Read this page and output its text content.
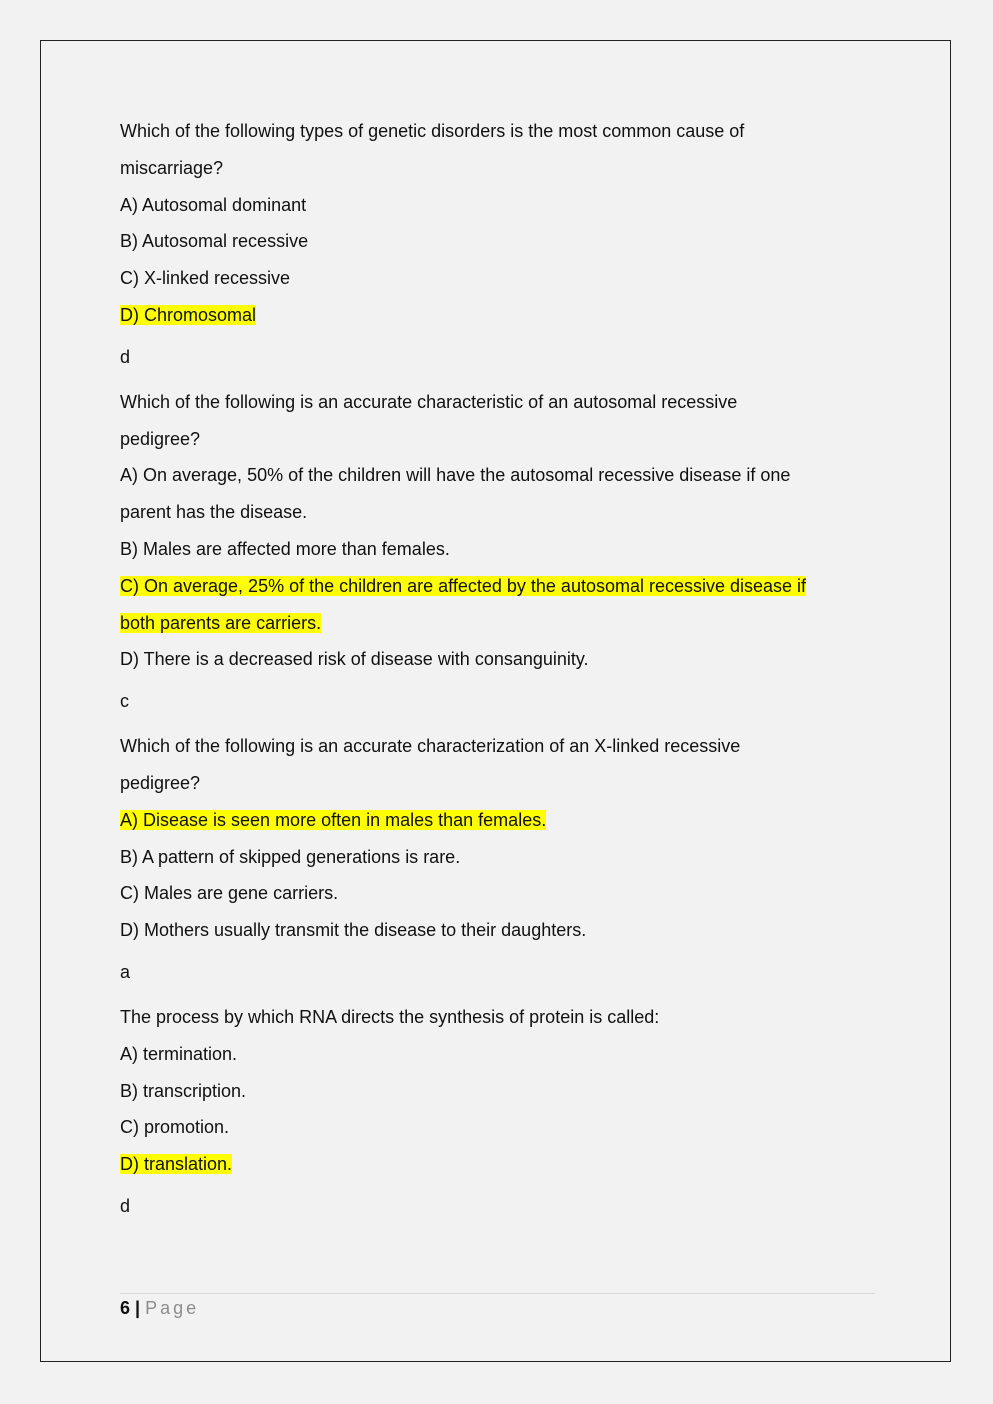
Which of the following types of genetic disorders is the most common cause of

miscarriage?

A) Autosomal dominant

B) Autosomal recessive

C) X-linked recessive

D) Chromosomal

d

Which of the following is an accurate characteristic of an autosomal recessive

pedigree?

A) On average, 50% of the children will have the autosomal recessive disease if one

parent has the disease.

B) Males are affected more than females.

C) On average, 25% of the children are affected by the autosomal recessive disease if

both parents are carriers.

D) There is a decreased risk of disease with consanguinity.

c

Which of the following is an accurate characterization of an X-linked recessive

pedigree?

A) Disease is seen more often in males than females.

B) A pattern of skipped generations is rare.

C) Males are gene carriers.

D) Mothers usually transmit the disease to their daughters.

a

The process by which RNA directs the synthesis of protein is called:

A) termination.

B) transcription.

C) promotion.

D) translation.

d

6 | Page
